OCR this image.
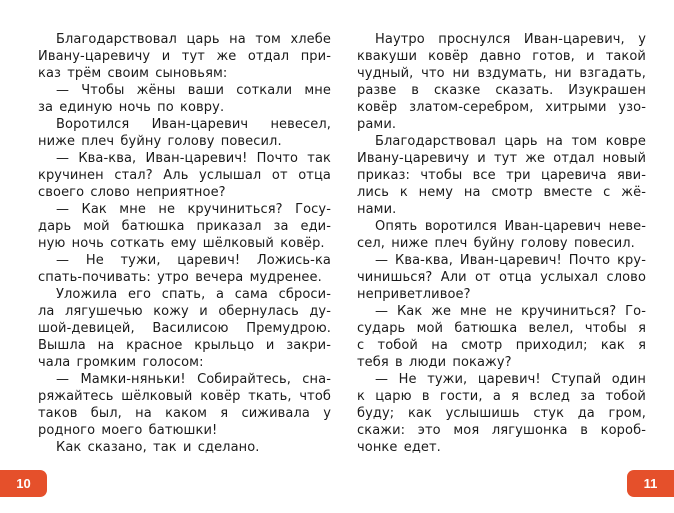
Благодарствовал царь на том хлебе
Ивану-царевичу и тут же отдал при-
каз трём своим сыновьям:
— Чтобы жёны ваши соткали мне
за единую ночь по ковру.
Воротился Иван-царевич невесел,
ниже плеч буйну голову повесил.
— Ква-ква, Иван-царевич! Почто так
кручинен стал? Аль услышал от отца
своего слово неприятное?
— Как мне не кручиниться? Госу-
дарь мой батюшка приказал за еди-
ную ночь соткать ему шёлковый ковёр.
— Не тужи, царевич! Ложись-ка
спать-почивать: утро вечера мудренее.
Уложила его спать, а сама сброси-
ла лягушечью кожу и обернулась ду-
шой-девицей, Василисою Премудрою.
Вышла на красное крыльцо и закри-
чала громким голосом:
— Мамки-няньки! Собирайтесь, сна-
ряжайтесь шёлковый ковёр ткать, чтоб
таков был, на каком я сиживала у
родного моего батюшки!
Как сказано, так и сделано.
Наутро проснулся Иван-царевич, у
квакуши ковёр давно готов, и такой
чудный, что ни вздумать, ни взгадать,
разве в сказке сказать. Изукрашен
ковёр златом-серебром, хитрыми узо-
рами.
Благодарствовал царь на том ковре
Ивану-царевичу и тут же отдал новый
приказ: чтобы все три царевича яви-
лись к нему на смотр вместе с жё-
нами.
Опять воротился Иван-царевич неве-
сел, ниже плеч буйну голову повесил.
— Ква-ква, Иван-царевич! Почто кру-
чинишься? Али от отца услыхал слово
неприветливое?
— Как же мне не кручиниться? Го-
сударь мой батюшка велел, чтобы я
с тобой на смотр приходил; как я
тебя в люди покажу?
— Не тужи, царевич! Ступай один
к царю в гости, а я вслед за тобой
буду; как услышишь стук да гром,
скажи: это моя лягушонка в короб-
чонке едет.
10	11
